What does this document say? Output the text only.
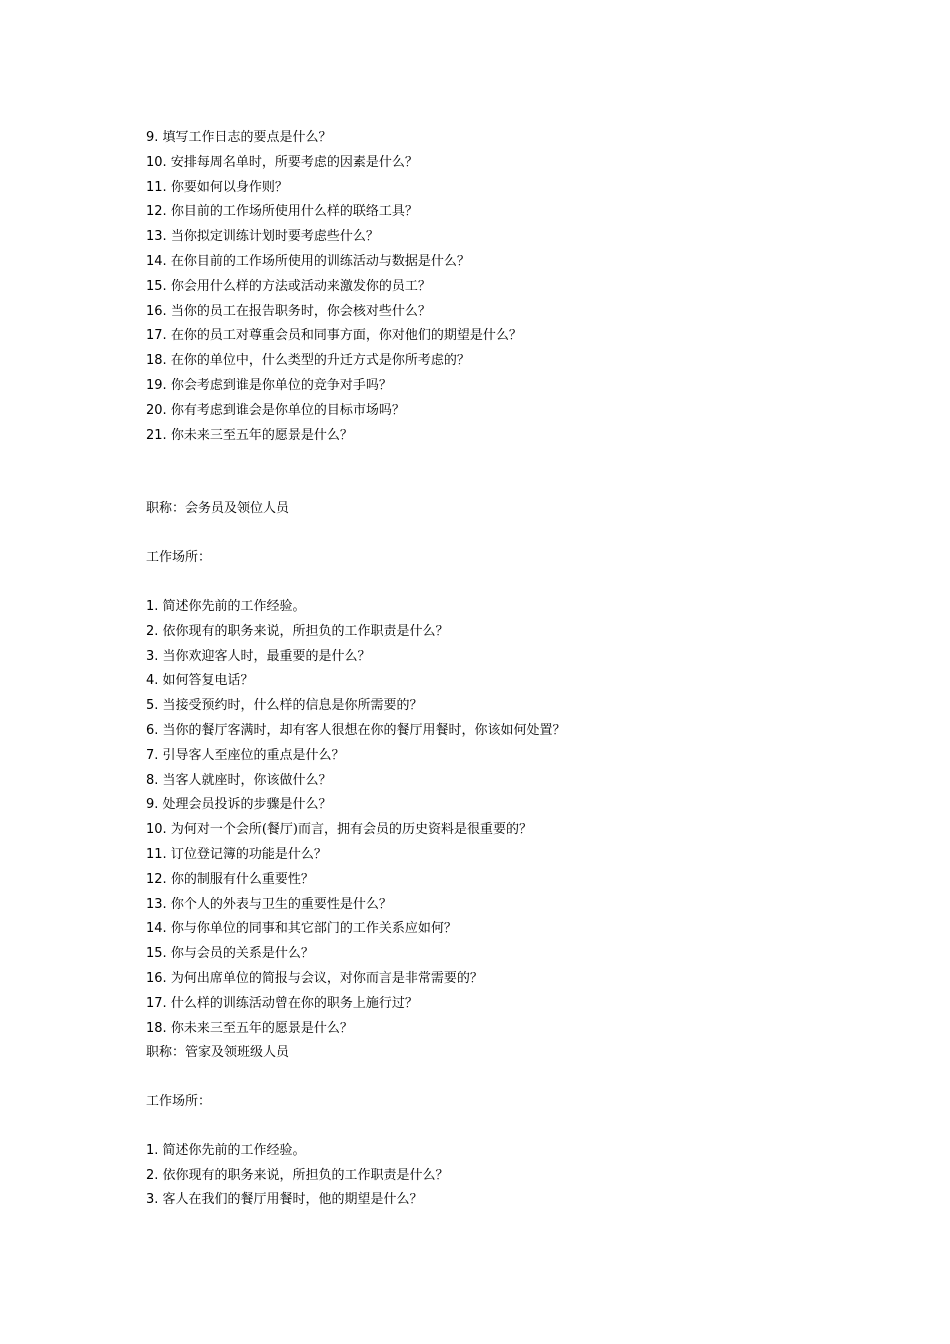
9. 填写工作日志的要点是什么？
10. 安排每周名单时，所要考虑的因素是什么？
11. 你要如何以身作则？
12. 你目前的工作场所使用什么样的联络工具？
13. 当你拟定训练计划时要考虑些什么？
14. 在你目前的工作场所使用的训练活动与数据是什么？
15. 你会用什么样的方法或活动来激发你的员工？
16. 当你的员工在报告职务时，你会核对些什么？
17. 在你的员工对尊重会员和同事方面，你对他们的期望是什么？
18. 在你的单位中，什么类型的升迁方式是你所考虑的？
19. 你会考虑到谁是你单位的竞争对手吗？
20. 你有考虑到谁会是你单位的目标市场吗？
21. 你未来三至五年的愿景是什么？
职称：会务员及领位人员
工作场所：
1. 简述你先前的工作经验。
2. 依你现有的职务来说，所担负的工作职责是什么？
3. 当你欢迎客人时，最重要的是什么？
4. 如何答复电话？
5. 当接受预约时，什么样的信息是你所需要的？
6. 当你的餐厅客满时，却有客人很想在你的餐厅用餐时，你该如何处置？
7. 引导客人至座位的重点是什么？
8. 当客人就座时，你该做什么？
9. 处理会员投诉的步骤是什么？
10. 为何对一个会所(餐厅)而言，拥有会员的历史资料是很重要的？
11. 订位登记簿的功能是什么？
12. 你的制服有什么重要性？
13. 你个人的外表与卫生的重要性是什么？
14. 你与你单位的同事和其它部门的工作关系应如何？
15. 你与会员的关系是什么？
16. 为何出席单位的简报与会议，对你而言是非常需要的？
17. 什么样的训练活动曾在你的职务上施行过？
18. 你未来三至五年的愿景是什么？
职称：管家及领班级人员
工作场所：
1. 简述你先前的工作经验。
2. 依你现有的职务来说，所担负的工作职责是什么？
3. 客人在我们的餐厅用餐时，他的期望是什么？
